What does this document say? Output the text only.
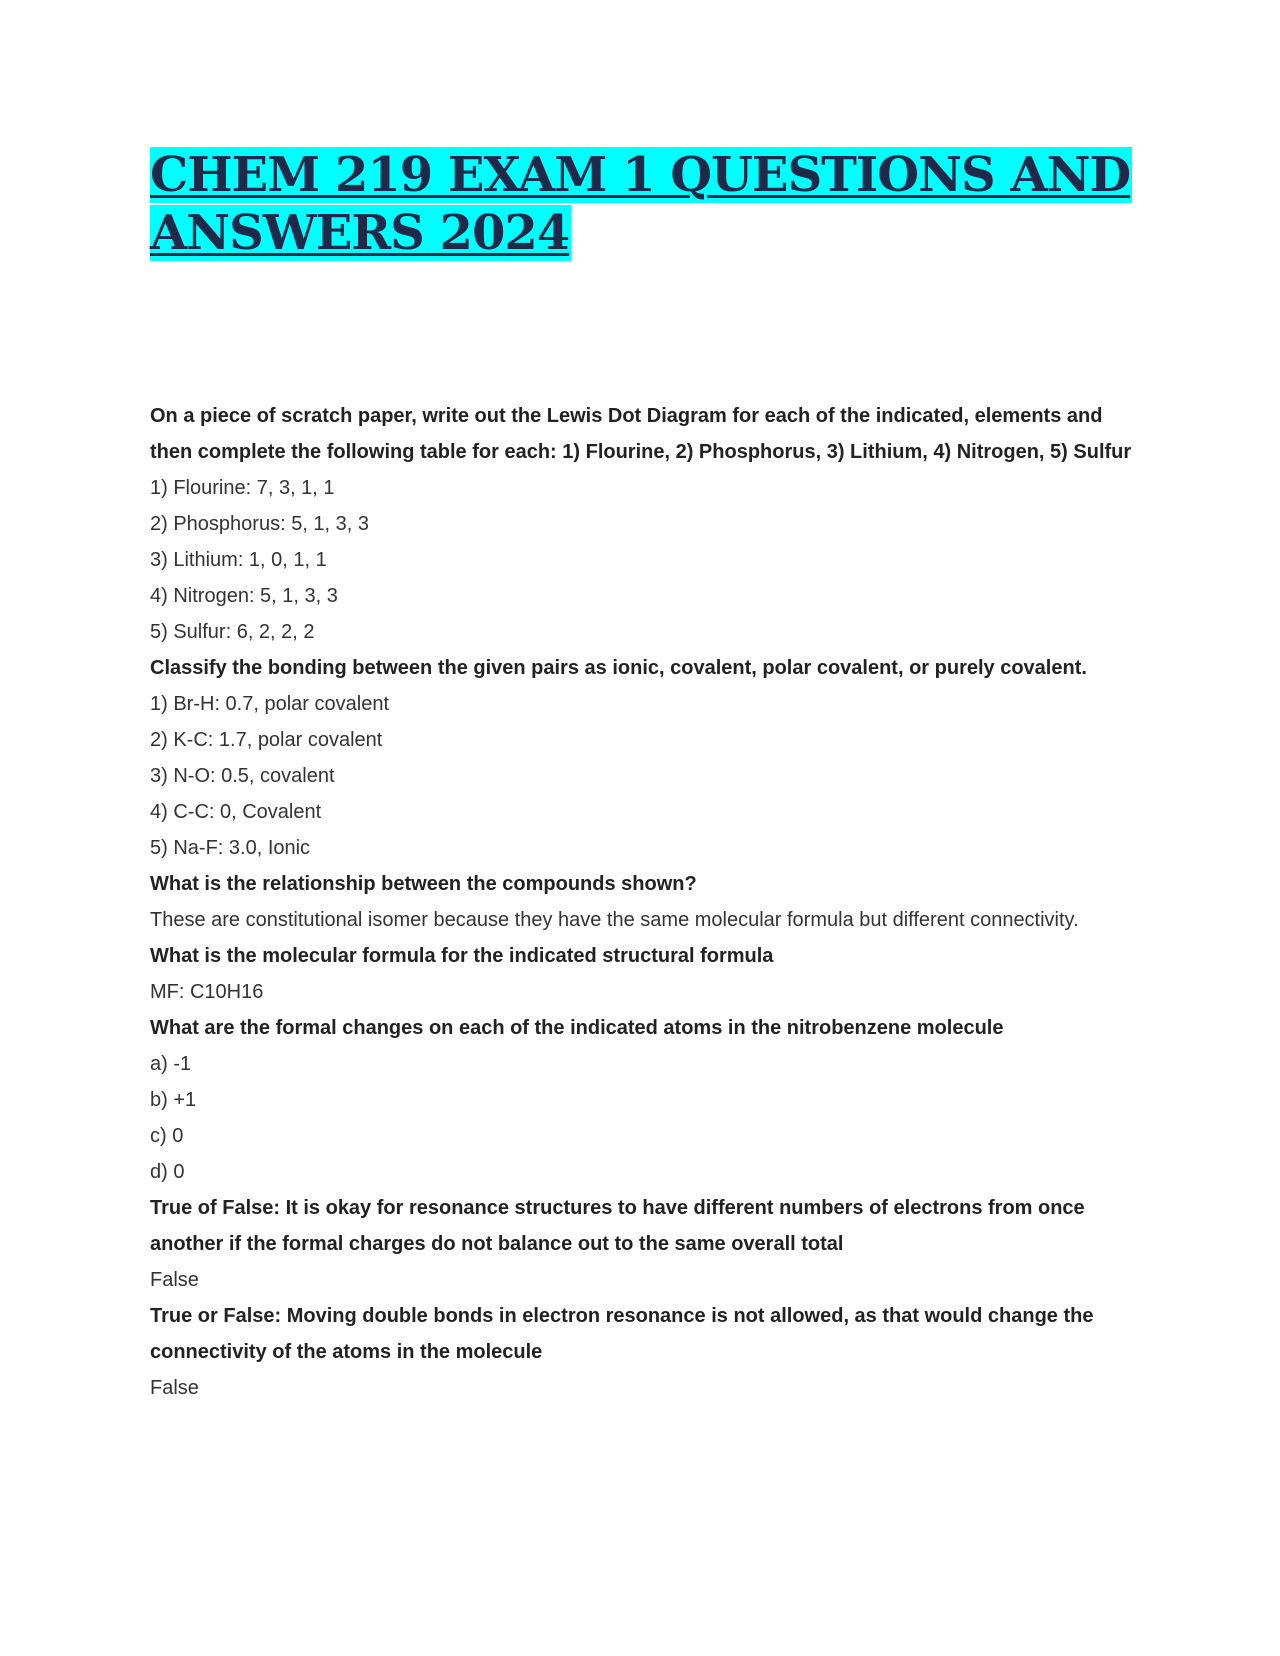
CHEM 219 EXAM 1 QUESTIONS AND
ANSWERS 2024
On a piece of scratch paper, write out the Lewis Dot Diagram for each of the indicated, elements and then complete the following table for each: 1) Flourine, 2) Phosphorus, 3) Lithium, 4) Nitrogen, 5) Sulfur
1) Flourine: 7, 3, 1, 1
2) Phosphorus: 5, 1, 3, 3
3) Lithium: 1, 0, 1, 1
4) Nitrogen: 5, 1, 3, 3
5) Sulfur: 6, 2, 2, 2
Classify the bonding between the given pairs as ionic, covalent, polar covalent, or purely covalent.
1) Br-H: 0.7, polar covalent
2) K-C: 1.7, polar covalent
3) N-O: 0.5, covalent
4) C-C: 0, Covalent
5) Na-F: 3.0, Ionic
What is the relationship between the compounds shown?
These are constitutional isomer because they have the same molecular formula but different connectivity.
What is the molecular formula for the indicated structural formula
MF: C10H16
What are the formal changes on each of the indicated atoms in the nitrobenzene molecule
a) -1
b) +1
c) 0
d) 0
True of False: It is okay for resonance structures to have different numbers of electrons from once another if the formal charges do not balance out to the same overall total
False
True or False: Moving double bonds in electron resonance is not allowed, as that would change the connectivity of the atoms in the molecule
False
